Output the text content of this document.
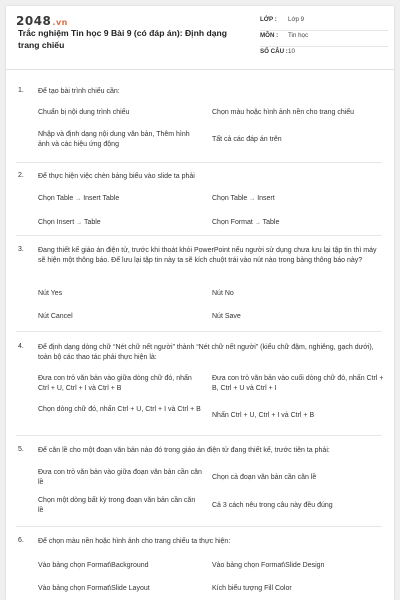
2048.vn
Trắc nghiệm Tin học 9 Bài 9 (có đáp án): Định dạng trang chiếu
LỚP :	Lớp 9
MÔN :	Tin học
SỐ CÂU : 10
1. Để tạo bài trình chiếu cần:
Chuẩn bị nội dung trình chiếu	Chọn màu hoặc hình ảnh nền cho trang chiếu
Nhập và định dạng nội dung văn bản, Thêm hình ảnh và các hiệu ứng động
Tất cả các đáp án trên
2. Để thực hiện việc chèn bảng biểu vào slide ta phải
Chọn Table → Insert Table	Chọn Table → Insert
Chọn Insert → Table	Chọn Format → Table
3. Đang thiết kế giáo án điện tử, trước khi thoát khỏi PowerPoint nếu người sử dụng chưa lưu lại tập tin thì máy sẽ hiện một thông báo. Để lưu lại tập tin này ta sẽ kích chuột trái vào nút nào trong bảng thông báo này?
Nút Yes	Nút No
Nút Cancel	Nút Save
4. Để định dạng dòng chữ “Nét chữ nết người” thành “Nét chữ nết người” (kiểu chữ đậm, nghiêng, gạch dưới), toàn bộ các thao tác phải thực hiện là:
Đưa con trỏ văn bản vào giữa dòng chữ đó, nhấn Ctrl + U, Ctrl + I và Ctrl + B
Đưa con trỏ văn bản vào cuối dòng chữ đó, nhấn Ctrl + B, Ctrl + U và Ctrl + I
Chọn dòng chữ đó, nhấn Ctrl + U, Ctrl + I và Ctrl + B
Nhấn Ctrl + U, Ctrl + I và Ctrl + B
5. Để căn lề cho một đoạn văn bản nào đó trong giáo án điện tử đang thiết kế, trước tiên ta phải:
Đưa con trỏ văn bản vào giữa đoạn văn bản cần căn lề
Chọn cả đoạn văn bản cần căn lề
Chọn một dòng bất kỳ trong đoạn văn bản cần căn lề
Cả 3 cách nêu trong câu này đều đúng
6. Để chọn màu nền hoặc hình ảnh cho trang chiếu ta thực hiện:
Vào bảng chọn Format\Background	Vào bảng chọn Format\Slide Design
Vào bảng chọn Format\Slide Layout	Kích biểu tượng Fill Color
